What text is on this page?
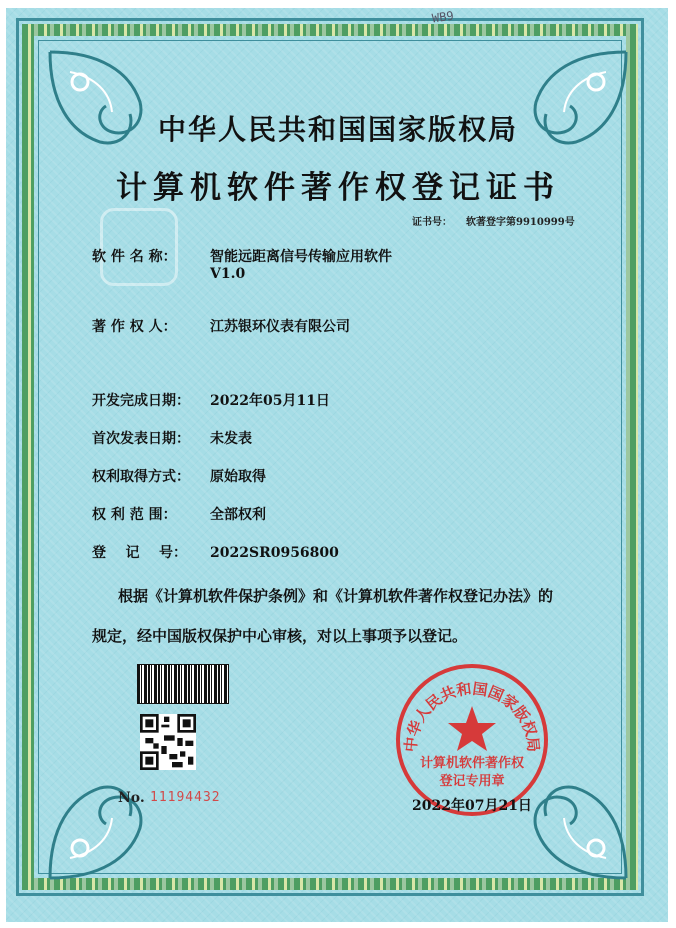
WB9
中华人民共和国国家版权局
计算机软件著作权登记证书
证书号： 软著登字第9910999号
软 件 名 称： 智能远距离信号传输应用软件
V1.0
著 作 权 人： 江苏银环仪表有限公司
开发完成日期： 2022年05月11日
首次发表日期： 未发表
权利取得方式： 原始取得
权 利 范 围： 全部权利
登    记    号： 2022SR0956800
根据《计算机软件保护条例》和《计算机软件著作权登记办法》的
规定，经中国版权保护中心审核，对以上事项予以登记。
No. 11194432
中华人民共和国国家版权局
计算机软件著作权
登记专用章
2022年07月21日
